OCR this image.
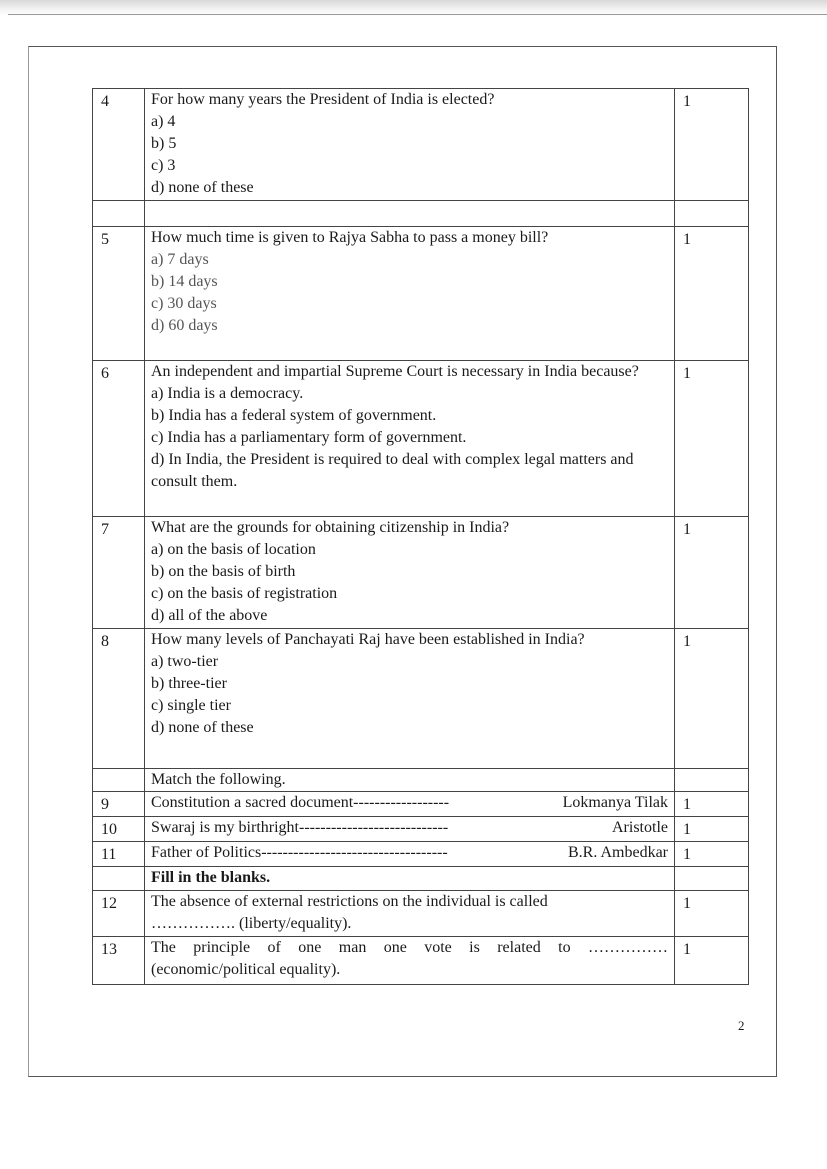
4	For how many years the President of India is elected?
a) 4
b) 5
c) 3
d) none of these	1

5	How much time is given to Rajya Sabha to pass a money bill?
a) 7 days
b) 14 days
c) 30 days
d) 60 days	1
6	An independent and impartial Supreme Court is necessary in India because?
a) India is a democracy.
b) India has a federal system of government.
c) India has a parliamentary form of government.
d) In India, the President is required to deal with complex legal matters and consult them.	1
7	What are the grounds for obtaining citizenship in India?
a) on the basis of location
b) on the basis of birth
c) on the basis of registration
d) all of the above	1
8	How many levels of Panchayati Raj have been established in India?
a) two-tier
b) three-tier
c) single tier
d) none of these	1
	Match the following.	
9	Constitution a sacred document------------------ Lokmanya Tilak	1
10	Swaraj is my birthright---------------------------- Aristotle	1
11	Father of Politics----------------------------------- B.R. Ambedkar	1
	Fill in the blanks.	
12	The absence of external restrictions on the individual is called
……………. (liberty/equality).	1
13	The principle of one man one vote is related to ……………
(economic/political equality).	1
2
